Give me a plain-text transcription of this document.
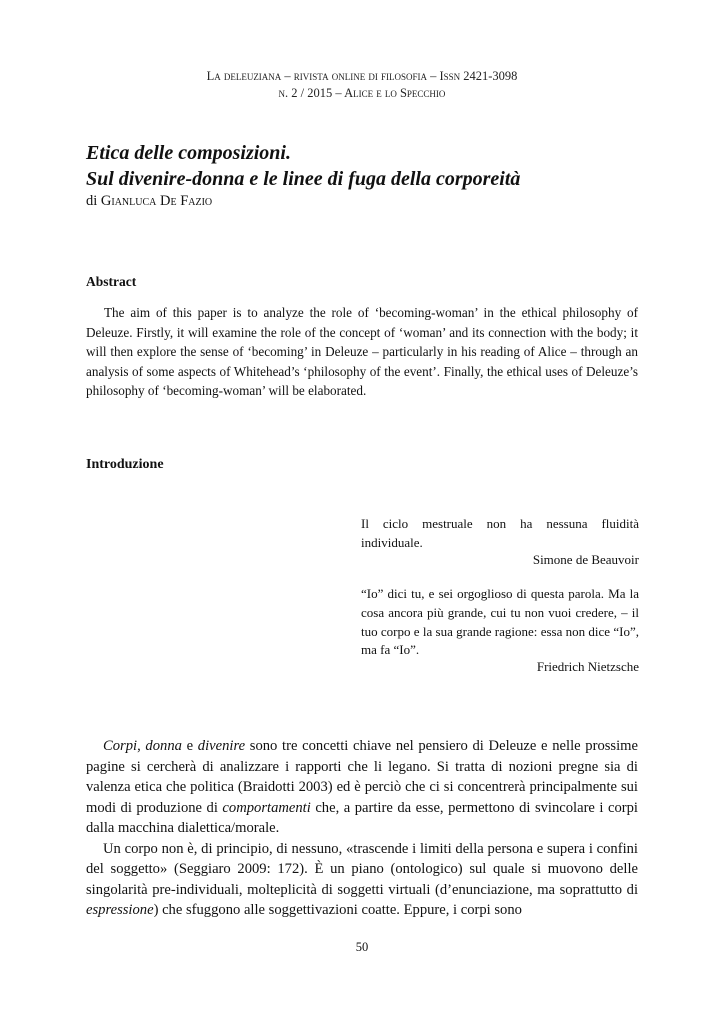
La deleuziana – rivista online di filosofia – Issn 2421-3098
n. 2 / 2015 – Alice e lo Specchio
Etica delle composizioni.
Sul divenire-donna e le linee di fuga della corporeità
di Gianluca De Fazio
Abstract

The aim of this paper is to analyze the role of ‘becoming-woman’ in the ethical philosophy of Deleuze. Firstly, it will examine the role of the concept of ‘woman’ and its connection with the body; it will then explore the sense of ‘becoming’ in Deleuze – particularly in his reading of Alice – through an analysis of some aspects of Whitehead’s ‘philosophy of the event’. Finally, the ethical uses of Deleuze’s philosophy of ‘becoming-woman’ will be elaborated.

Introduzione

Il ciclo mestruale non ha nessuna fluidità individuale.

Simone de Beauvoir

“Io” dici tu, e sei orgoglioso di questa parola. Ma la cosa ancora più grande, cui tu non vuoi credere, – il tuo corpo e la sua grande ragione: essa non dice “Io”, ma fa “Io”.

Friedrich Nietzsche

Corpi, donna e divenire sono tre concetti chiave nel pensiero di Deleuze e nelle prossime pagine si cercherà di analizzare i rapporti che li legano. Si tratta di nozioni pregne sia di valenza etica che politica (Braidotti 2003) ed è perciò che ci si concentrerà principalmente sui modi di produzione di comportamenti che, a partire da esse, permettono di svincolare i corpi dalla macchina dialettica/morale.

Un corpo non è, di principio, di nessuno, «trascende i limiti della persona e supera i confini del soggetto» (Seggiaro 2009: 172). È un piano (ontologico) sul quale si muovono delle singolarità pre-individuali, molteplicità di soggetti virtuali (d’enunciazione, ma soprattutto di espressione) che sfuggono alle soggettivazioni coatte. Eppure, i corpi sono

50
